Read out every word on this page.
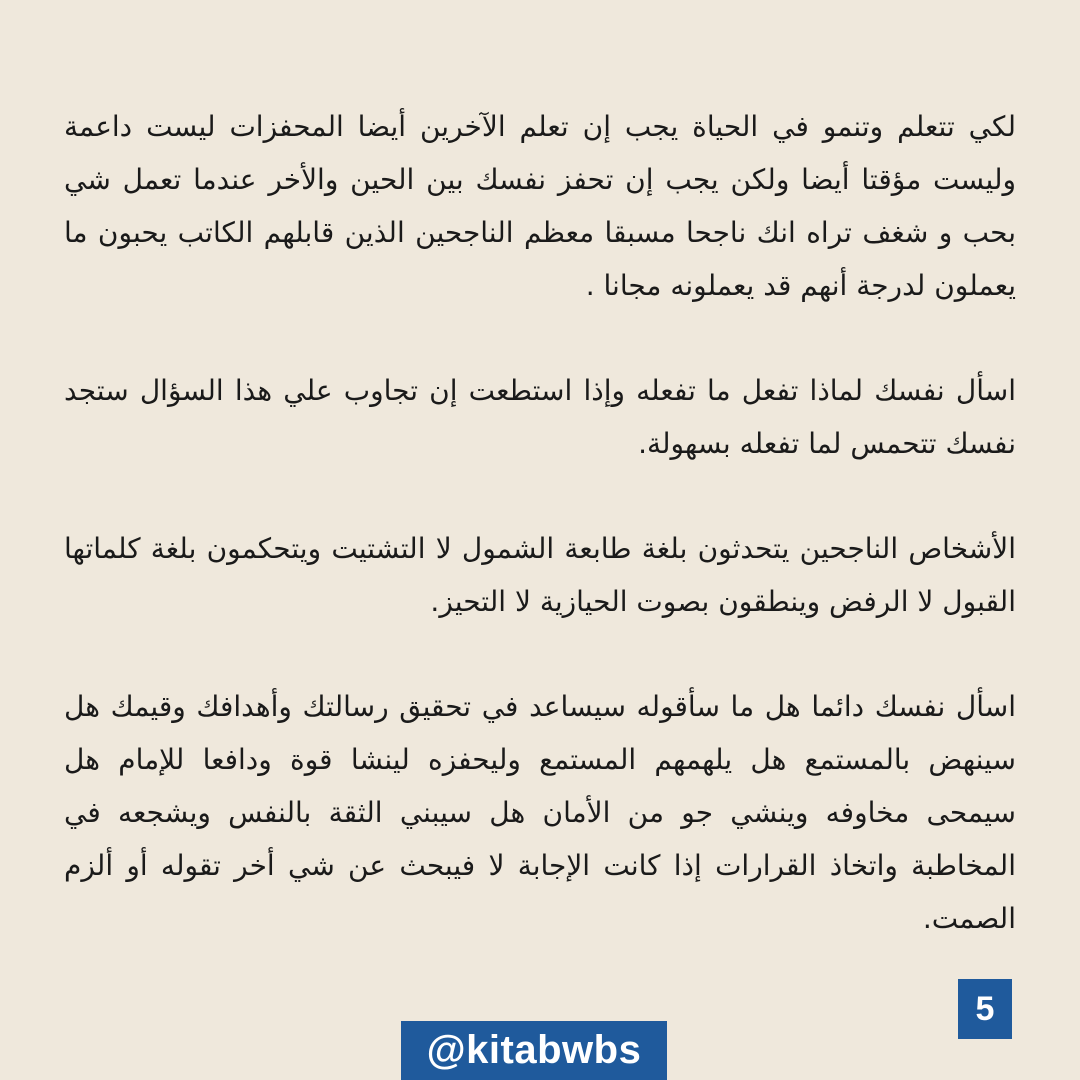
لكي تتعلم وتنمو في الحياة يجب إن تعلم الآخرين أيضا المحفزات ليست داعمة وليست مؤقتا أيضا ولكن يجب إن تحفز نفسك بين الحين والأخر عندما تعمل شي بحب و شغف تراه انك ناجحا مسبقا معظم الناجحين الذين قابلهم الكاتب يحبون ما يعملون لدرجة أنهم قد يعملونه مجانا .

اسأل نفسك لماذا تفعل ما تفعله وإذا استطعت إن تجاوب علي هذا السؤال ستجد نفسك تتحمس لما تفعله بسهولة.

الأشخاص الناجحين يتحدثون بلغة طابعة الشمول لا التشتيت ويتحكمون بلغة كلماتها القبول لا الرفض وينطقون بصوت الحيازية لا التحيز.

اسأل نفسك دائما هل ما سأقوله سيساعد في تحقيق رسالتك وأهدافك وقيمك هل سينهض بالمستمع هل يلهمهم المستمع وليحفزه لينشا قوة ودافعا للإمام هل سيمحى مخاوفه وينشي جو من الأمان هل سيبني الثقة بالنفس ويشجعه في المخاطبة واتخاذ القرارات إذا كانت الإجابة لا فيبحث عن شي أخر تقوله أو ألزم الصمت.

5
@kitabwbs
